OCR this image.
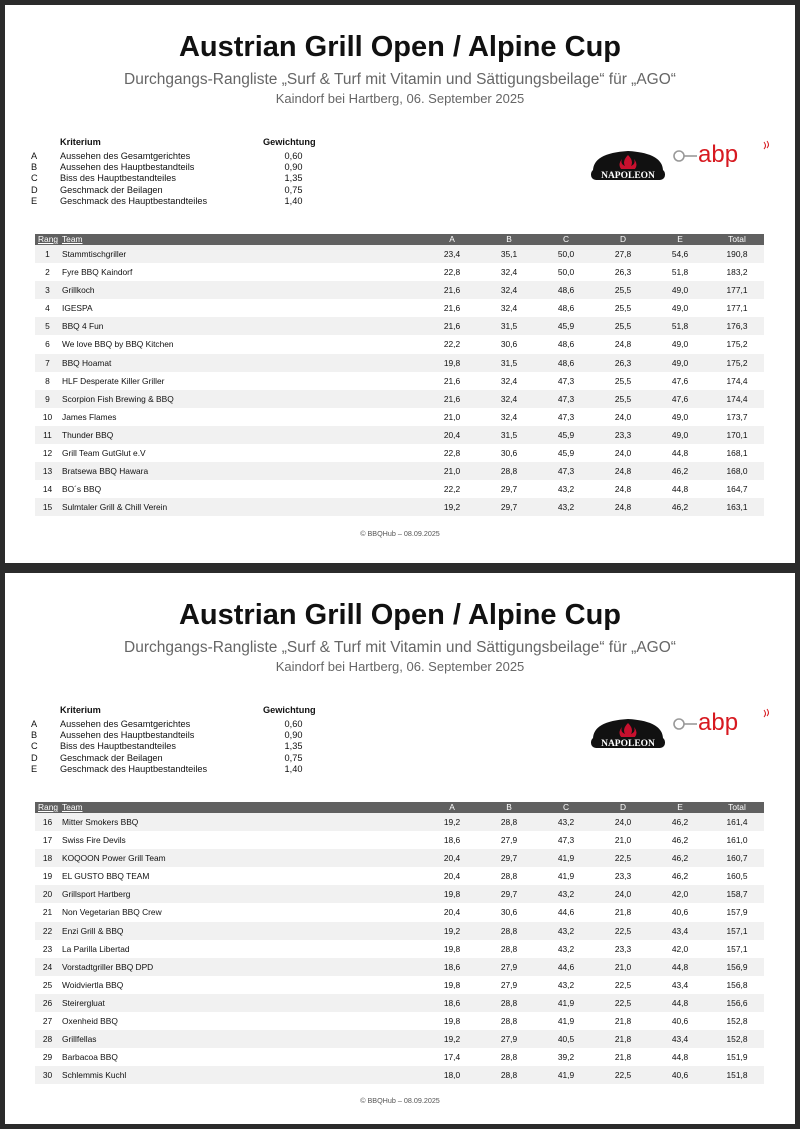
Austrian Grill Open / Alpine Cup
Durchgangs-Rangliste „Surf & Turf mit Vitamin und Sättigungsbeilage“ für „AGO“
Kaindorf bei Hartberg, 06. September 2025
Kriterium	Gewichtung
A Aussehen des Gesamtgerichtes	0,60
B Aussehen des Hauptbestandteils	0,90
C Biss des Hauptbestandteiles	1,35
D Geschmack der Beilagen	0,75
E Geschmack des Hauptbestandteiles	1,40
NAPOLEON
abp
Rang Team	A	B	C	D	E	Total
1	Stammtischgriller	23,4	35,1	50,0	27,8	54,6	190,8
2	Fyre BBQ Kaindorf	22,8	32,4	50,0	26,3	51,8	183,2
3	Grillkoch	21,6	32,4	48,6	25,5	49,0	177,1
4	IGESPA	21,6	32,4	48,6	25,5	49,0	177,1
5	BBQ 4 Fun	21,6	31,5	45,9	25,5	51,8	176,3
6	We love BBQ by BBQ Kitchen	22,2	30,6	48,6	24,8	49,0	175,2
7	BBQ Hoamat	19,8	31,5	48,6	26,3	49,0	175,2
8	HLF Desperate Killer Griller	21,6	32,4	47,3	25,5	47,6	174,4
9	Scorpion Fish Brewing & BBQ	21,6	32,4	47,3	25,5	47,6	174,4
10	James Flames	21,0	32,4	47,3	24,0	49,0	173,7
11	Thunder BBQ	20,4	31,5	45,9	23,3	49,0	170,1
12	Grill Team GutGlut e.V	22,8	30,6	45,9	24,0	44,8	168,1
13	Bratsewa BBQ Hawara	21,0	28,8	47,3	24,8	46,2	168,0
14	BO´s BBQ	22,2	29,7	43,2	24,8	44,8	164,7
15	Sulmtaler Grill & Chill Verein	19,2	29,7	43,2	24,8	46,2	163,1
© BBQHub – 08.09.2025
Austrian Grill Open / Alpine Cup
Durchgangs-Rangliste „Surf & Turf mit Vitamin und Sättigungsbeilage“ für „AGO“
Kaindorf bei Hartberg, 06. September 2025
Kriterium	Gewichtung
A Aussehen des Gesamtgerichtes	0,60
B Aussehen des Hauptbestandteils	0,90
C Biss des Hauptbestandteiles	1,35
D Geschmack der Beilagen	0,75
E Geschmack des Hauptbestandteiles	1,40
NAPOLEON
abp
Rang Team	A	B	C	D	E	Total
16	Mitter Smokers BBQ	19,2	28,8	43,2	24,0	46,2	161,4
17	Swiss Fire Devils	18,6	27,9	47,3	21,0	46,2	161,0
18	KOQOON Power Grill Team	20,4	29,7	41,9	22,5	46,2	160,7
19	EL GUSTO BBQ TEAM	20,4	28,8	41,9	23,3	46,2	160,5
20	Grillsport Hartberg	19,8	29,7	43,2	24,0	42,0	158,7
21	Non Vegetarian BBQ Crew	20,4	30,6	44,6	21,8	40,6	157,9
22	Enzi Grill & BBQ	19,2	28,8	43,2	22,5	43,4	157,1
23	La Parilla Libertad	19,8	28,8	43,2	23,3	42,0	157,1
24	Vorstadtgriller BBQ DPD	18,6	27,9	44,6	21,0	44,8	156,9
25	Woidviertla BBQ	19,8	27,9	43,2	22,5	43,4	156,8
26	Steirergluat	18,6	28,8	41,9	22,5	44,8	156,6
27	Oxenheid BBQ	19,8	28,8	41,9	21,8	40,6	152,8
28	Grillfellas	19,2	27,9	40,5	21,8	43,4	152,8
29	Barbacoa BBQ	17,4	28,8	39,2	21,8	44,8	151,9
30	Schlemmis Kuchl	18,0	28,8	41,9	22,5	40,6	151,8
© BBQHub – 08.09.2025
